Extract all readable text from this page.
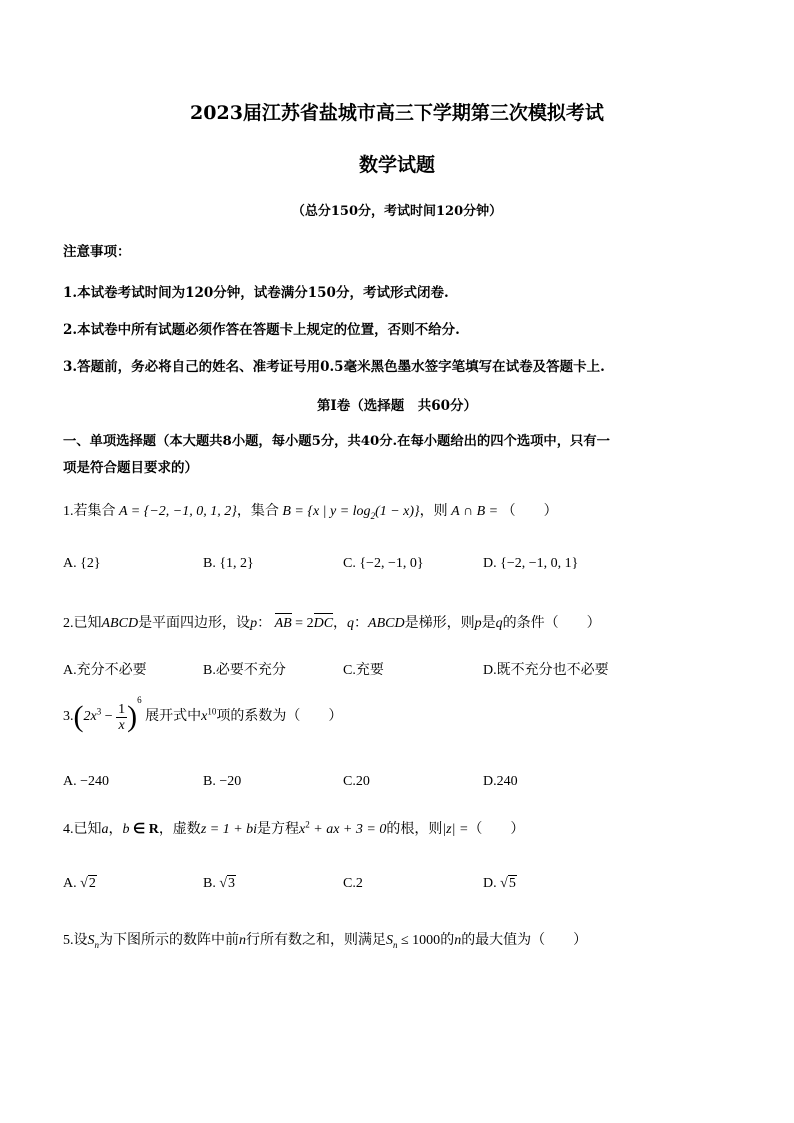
2023届江苏省盐城市高三下学期第三次模拟考试
数学试题
（总分150分，考试时间120分钟）
注意事项：
1.本试卷考试时间为120分钟，试卷满分150分，考试形式闭卷.
2.本试卷中所有试题必须作答在答题卡上规定的位置，否则不给分.
3.答题前，务必将自己的姓名、准考证号用0.5毫米黑色墨水签字笔填写在试卷及答题卡上.
第Ⅰ卷（选择题　共60分）
一、单项选择题（本大题共8小题，每小题5分，共40分.在每小题给出的四个选项中，只有一
项是符合题目要求的）
1.若集合 A = {−2, −1, 0, 1, 2}，集合 B = {x | $y = \log_2(1 - x)$}，则 A ∩ B = （　　）
A. {2}	B. {1, 2}	C. {−2, −1, 0}	D. {−2, −1, 0, 1}
2.已知ABCD是平面四边形，设p： AB = 2DC，q：ABCD是梯形，则p是q的条件（　　）
A.充分不必要	B.必要不充分	C.充要	D.既不充分也不必要
$3.(2x^3 - \frac{1}{x} )^6$ 展开式中$x^{10}$项的系数为（　　）
A. −240	B. −20	C.20	D.240
4.已知a，b ∈ R，虚数z = 1 + bi是方程$x^2$ + ax + 3 = 0的根，则|z| =（　　）
A. √2	B. √3	C.2	D. √5
5.设$S_n$为下图所示的数阵中前n行所有数之和，则满足$S_n \le 1000$的n的最大值为（　　）
